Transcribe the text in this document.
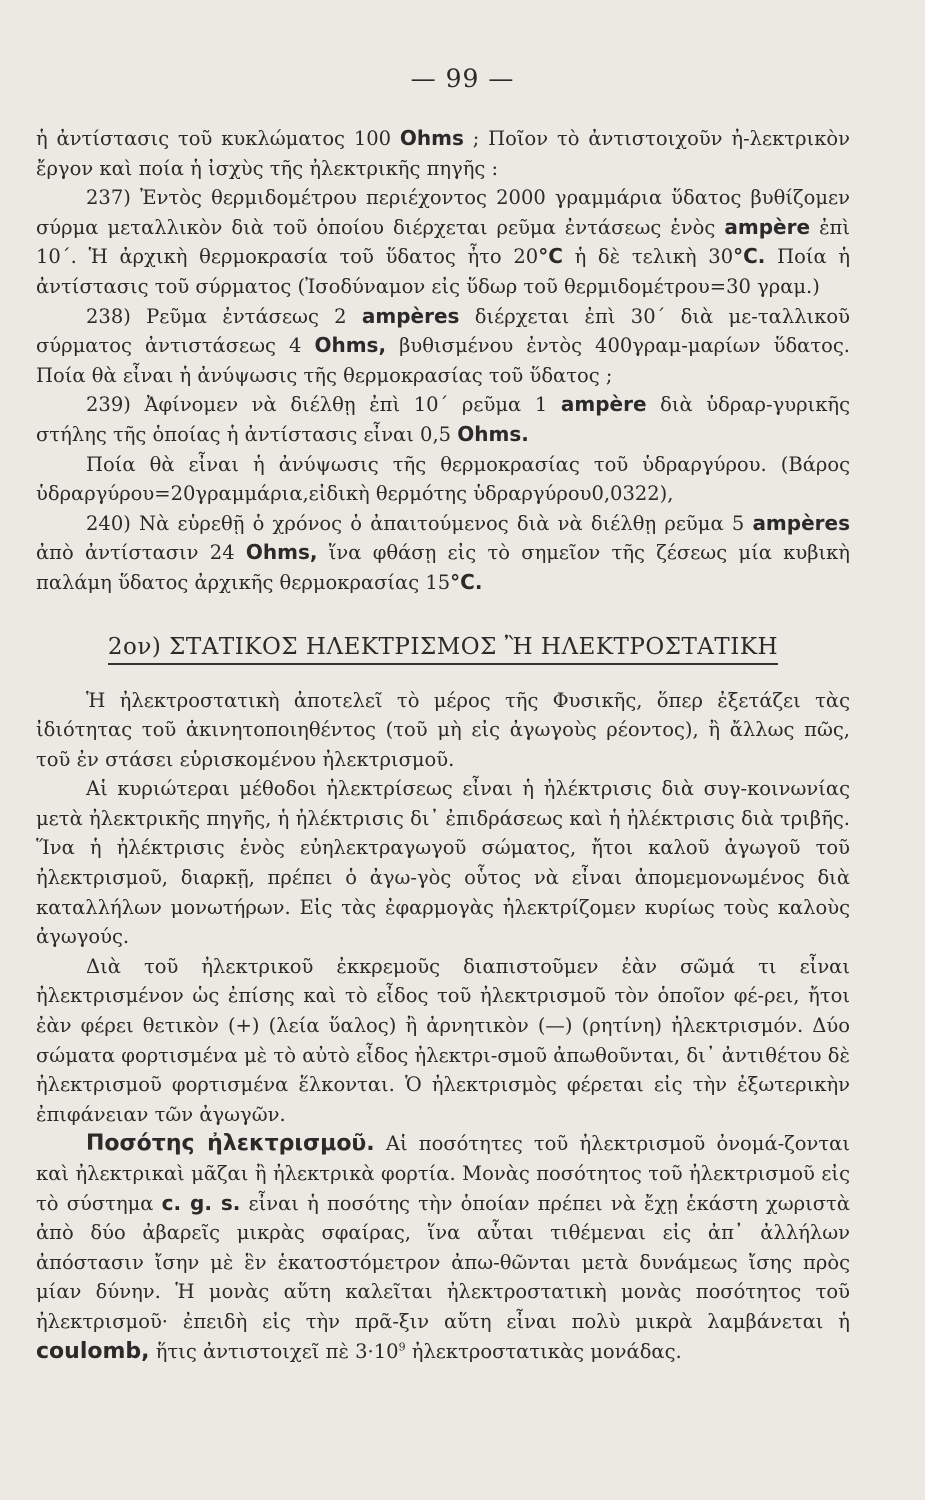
— 99 —

ἡ ἀντίστασις τοῦ κυκλώματος 100 Ohms ; Ποῖον τὸ ἀντιστοιχοῦν ἠ-λεκτρικὸν ἔργον καὶ ποία ἡ ἰσχὺς τῆς ἠλεκτρικῆς πηγῆς :

237) Ἐντὸς θερμιδομέτρου περιέχοντος 2000 γραμμάρια ὕδατος βυθίζομεν σύρμα μεταλλικὸν διὰ τοῦ ὁποίου διέρχεται ρεῦμα ἐντάσεως ἑνὸς ampère ἐπὶ 10΄. Ἡ ἀρχικὴ θερμοκρασία τοῦ ὕδατος ἦτο 20°C ἡ δὲ τελικὴ 30°C. Ποία ἡ ἀντίστασις τοῦ σύρματος (Ἰσοδύναμον εἰς ὕδωρ τοῦ θερμιδομέτρου=30 γραμ.)

238) Ρεῦμα ἐντάσεως 2 ampères διέρχεται ἐπὶ 30΄ διὰ με-ταλλικοῦ σύρματος ἀντιστάσεως 4 Ohms, βυθισμένου ἐντὸς 400γραμ-μαρίων ὕδατος. Ποία θὰ εἶναι ἡ ἀνύψωσις τῆς θερμοκρασίας τοῦ ὕδατος ;

239) Ἀφίνομεν νὰ διέλθῃ ἐπὶ 10΄ ρεῦμα 1 ampère διὰ ὑδραρ-γυρικῆς στήλης τῆς ὁποίας ἡ ἀντίστασις εἶναι 0,5 Ohms.

Ποία θὰ εἶναι ἡ ἀνύψωσις τῆς θερμοκρασίας τοῦ ὑδραργύρου. (Βάρος ὑδραργύρου=20γραμμάρια,εἰδικὴ θερμότης ὑδραργύρου0,0322),

240) Νὰ εὑρεθῇ ὁ χρόνος ὁ ἀπαιτούμενος διὰ νὰ διέλθῃ ρεῦμα 5 ampères ἀπὸ ἀντίστασιν 24 Ohms, ἵνα φθάσῃ εἰς τὸ σημεῖον τῆς ζέσεως μία κυβικὴ παλάμη ὕδατος ἀρχικῆς θερμοκρασίας 15°C.

2ον) ΣΤΑΤΙΚΟΣ ΗΛΕΚΤΡΙΣΜΟΣ Ἢ ΗΛΕΚΤΡΟΣΤΑΤΙΚΗ

Ἡ ἠλεκτροστατικὴ ἀποτελεῖ τὸ μέρος τῆς Φυσικῆς, ὅπερ ἐξετάζει τὰς ἰδιότητας τοῦ ἀκινητοποιηθέντος (τοῦ μὴ εἰς ἀγωγοὺς ρέοντος), ἢ ἄλλως πῶς, τοῦ ἐν στάσει εὑρισκομένου ἠλεκτρισμοῦ.

Αἱ κυριώτεραι μέθοδοι ἠλεκτρίσεως εἶναι ἡ ἠλέκτρισις διὰ συγ-κοινωνίας μετὰ ἠλεκτρικῆς πηγῆς, ἡ ἠλέκτρισις δι᾽ ἐπιδράσεως καὶ ἡ ἠλέκτρισις διὰ τριβῆς. Ἵνα ἡ ἠλέκτρισις ἑνὸς εὐηλεκτραγωγοῦ σώματος, ἤτοι καλοῦ ἀγωγοῦ τοῦ ἠλεκτρισμοῦ, διαρκῇ, πρέπει ὁ ἀγω-γὸς οὗτος νὰ εἶναι ἀπομεμονωμένος διὰ καταλλήλων μονωτήρων. Εἰς τὰς ἐφαρμογὰς ἠλεκτρίζομεν κυρίως τοὺς καλοὺς ἀγωγούς.

Διὰ τοῦ ἠλεκτρικοῦ ἐκκρεμοῦς διαπιστοῦμεν ἐὰν σῶμά τι εἶναι ἠλεκτρισμένον ὡς ἐπίσης καὶ τὸ εἶδος τοῦ ἠλεκτρισμοῦ τὸν ὁποῖον φέ-ρει, ἤτοι ἐὰν φέρει θετικὸν (+) (λεία ὕαλος) ἢ ἀρνητικὸν (—) (ρητίνη) ἠλεκτρισμόν. Δύο σώματα φορτισμένα μὲ τὸ αὐτὸ εἶδος ἠλεκτρι-σμοῦ ἀπωθοῦνται, δι᾽ ἀντιθέτου δὲ ἠλεκτρισμοῦ φορτισμένα ἕλκονται. Ὁ ἠλεκτρισμὸς φέρεται εἰς τὴν ἐξωτερικὴν ἐπιφάνειαν τῶν ἀγωγῶν.

Ποσότης ἠλεκτρισμοῦ. Αἱ ποσότητες τοῦ ἠλεκτρισμοῦ ὀνομά-ζονται καὶ ἠλεκτρικαὶ μᾶζαι ἢ ἠλεκτρικὰ φορτία. Μονὰς ποσότητος τοῦ ἠλεκτρισμοῦ εἰς τὸ σύστημα c. g. s. εἶναι ἡ ποσότης τὴν ὁποίαν πρέπει νὰ ἔχῃ ἑκάστη χωριστὰ ἀπὸ δύο ἀβαρεῖς μικρὰς σφαίρας, ἵνα αὗται τιθέμεναι εἰς ἀπ᾽ ἀλλήλων ἀπόστασιν ἴσην μὲ ἓν ἑκατοστόμετρον ἀπω-θῶνται μετὰ δυνάμεως ἴσης πρὸς μίαν δύνην. Ἡ μονὰς αὕτη καλεῖται ἠλεκτροστατικὴ μονὰς ποσότητος τοῦ ἠλεκτρισμοῦ· ἐπειδὴ εἰς τὴν πρᾶ-ξιν αὕτη εἶναι πολὺ μικρὰ λαμβάνεται ἡ coulomb, ἥτις ἀντιστοιχεῖ πὲ $3\cdot 10^9$ ἠλεκτροστατικὰς μονάδας.
